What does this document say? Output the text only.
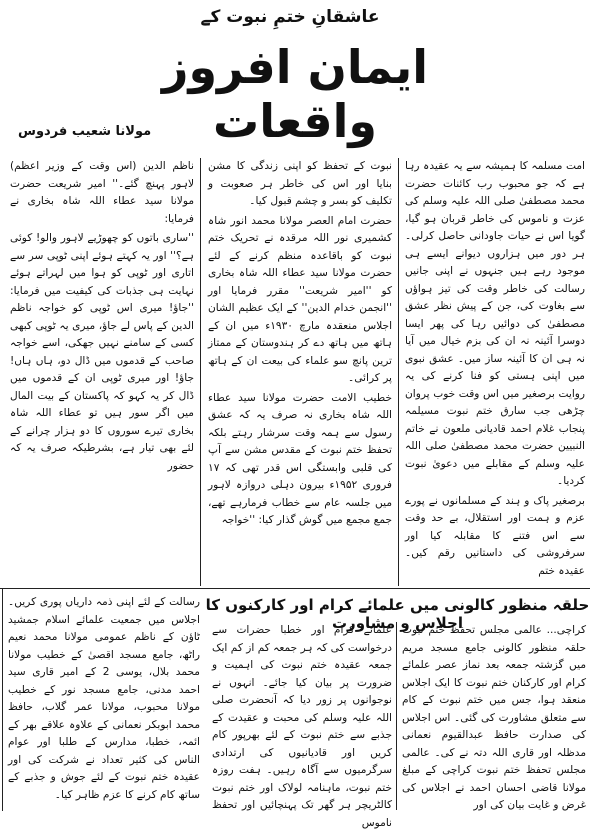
عاشقانِ ختمِ نبوت کے
ایمان افروز واقعات
مولانا شعیب فردوس

امت مسلمہ کا ہمیشہ سے یہ عقیدہ رہا ہے کہ جو محبوب رب کائنات حضرت محمد مصطفیٰ صلی اللہ علیہ وسلم کی عزت و ناموس کی خاطر قربان ہو گیا، گویا اس نے حیات جاودانی حاصل کرلی۔ ہر دور میں ہزاروں دیوانے ایسے ہی موجود رہے ہیں جنہوں نے اپنی جانیں رسالت کی خاطر وقت کی تیز ہواؤں سے بغاوت کی، جن کے پیش نظر عشق مصطفیٰ کی دوائیں رہا کی پھر ایسا دوسرا آئینہ نہ ان کی بزم خیال میں آیا نہ ہی ان کا آئینہ ساز میں۔ عشق نبوی میں اپنی ہستی کو فنا کرنے کی یہ روایت برصغیر میں اس وقت خوب پروان چڑھی جب سارق ختم نبوت مسیلمہ پنجاب غلام احمد قادیانی ملعون نے خاتم النبیین حضرت محمد مصطفیٰ صلی اللہ علیہ وسلم کے مقابلے میں دعویٰ نبوت کردیا۔

برصغیر پاک و ہند کے مسلمانوں نے پورے عزم و ہمت اور استقلال، بے حد وقت سے اس فتنے کا مقابلہ کیا اور سرفروشی کی داستانیں رقم کیں۔ عقیدہ ختم

نبوت کے تحفظ کو اپنی زندگی کا مشن بنایا اور اس کی خاطر ہر صعوبت و تکلیف کو بسر و چشم قبول کیا۔

حضرت امام العصر مولانا محمد انور شاہ کشمیری نور اللہ مرقدہ نے تحریک ختم نبوت کو باقاعدہ منظم کرنے کے لئے حضرت مولانا سید عطاء اللہ شاہ بخاری کو ''امیر شریعت'' مقرر فرمایا اور ''انجمن خدام الدین'' کے ایک عظیم الشان اجلاس منعقدہ مارچ ۱۹۳۰ء میں ان کے ہاتھ میں ہاتھ دے کر ہندوستان کے ممتاز ترین پانچ سو علماء کی بیعت ان کے ہاتھ پر کرائی۔

خطیب الامت حضرت مولانا سید عطاء اللہ شاہ بخاری نہ صرف یہ کہ عشق رسول سے ہمہ وقت سرشار رہتے بلکہ تحفظ ختم نبوت کے مقدس مشن سے آپ کی قلبی وابستگی اس قدر تھی کہ ۱۷ فروری ۱۹۵۲ء بیرون دہلی دروازہ لاہور میں جلسہ عام سے خطاب فرمارہے تھے، جمع مجمع میں گوش گذار کیا: ''خواجہ

ناظم الدین (اس وقت کے وزیر اعظم) لاہور پہنچ گئے۔'' امیر شریعت حضرت مولانا سید عطاء اللہ شاہ بخاری نے فرمایا:

''ساری باتوں کو چھوڑیے لاہور والو! کوئی ہے؟'' اور یہ کہتے ہوئے اپنی ٹوپی سر سے اتاری اور ٹوپی کو ہوا میں لہراتے ہوئے نہایت ہی جذبات کی کیفیت میں فرمایا: ''جاؤ! میری اس ٹوپی کو خواجہ ناظم الدین کے پاس لے جاؤ، میری یہ ٹوپی کبھی کسی کے سامنے نہیں جھکی، اسے خواجہ صاحب کے قدموں میں ڈال دو، ہاں ہاں! جاؤ! اور میری ٹوپی ان کے قدموں میں ڈال کر یہ کہو کہ پاکستان کے بیت المال میں اگر سور ہیں تو عطاء اللہ شاہ بخاری تیرے سوروں کا دو ہزار چرانے کے لئے بھی تیار ہے، بشرطیکہ صرف یہ کہ حضور

رسالت کے لئے اپنی ذمہ داریاں پوری کریں۔ اجلاس میں جمعیت علمائے اسلام جمشید ٹاؤن کے ناظم عمومی مولانا محمد نعیم راٹھ، جامع مسجد اقصیٰ کے خطیب مولانا محمد بلال، یوسی 2 کے امیر قاری سید احمد مدنی، جامع مسجد نور کے خطیب مولانا محبوب، مولانا عمر گلاب، حافظ محمد ابوبکر نعمانی کے علاوہ علاقے بھر کے ائمہ، خطبا، مدارس کے طلبا اور عوام الناس کی کثیر تعداد نے شرکت کی اور عقیدہ ختم نبوت کے لئے جوش و جذبے کے ساتھ کام کرنے کا عزم ظاہر کیا۔

حلقہ منظور کالونی میں علمائے کرام اور کارکنوں کا اجلاس و مشاورت

کراچی... عالمی مجلس تحفظ ختم نبوت حلقہ منظور کالونی جامع مسجد مریم میں گزشتہ جمعہ بعد نماز عصر علمائے کرام اور کارکنان ختم نبوت کا ایک اجلاس منعقد ہوا، جس میں ختم نبوت کے کام سے متعلق مشاورت کی گئی۔ اس اجلاس کی صدارت حافظ عبدالقیوم نعمانی مدظلہ اور قاری اللہ دتہ نے کی۔ عالمی مجلس تحفظ ختم نبوت کراچی کے مبلغ مولانا قاضی احسان احمد نے اجلاس کی غرض و غایت بیان کی اور

علمائے کرام اور خطبا حضرات سے درخواست کی کہ ہر جمعہ کم از کم ایک جمعہ عقیدہ ختم نبوت کی اہمیت و ضرورت پر بیان کیا جائے۔ انہوں نے نوجوانوں پر زور دیا کہ آنحضرت صلی اللہ علیہ وسلم کی محبت و عقیدت کے جذبے سے ختم نبوت کے لئے بھرپور کام کریں اور قادیانیوں کی ارتدادی سرگرمیوں سے آگاہ رہیں۔ ہفت روزہ ختم نبوت، ماہنامہ لولاک اور ختم نبوت کالٹریچر ہر گھر تک پہنچائیں اور تحفظ ناموس
